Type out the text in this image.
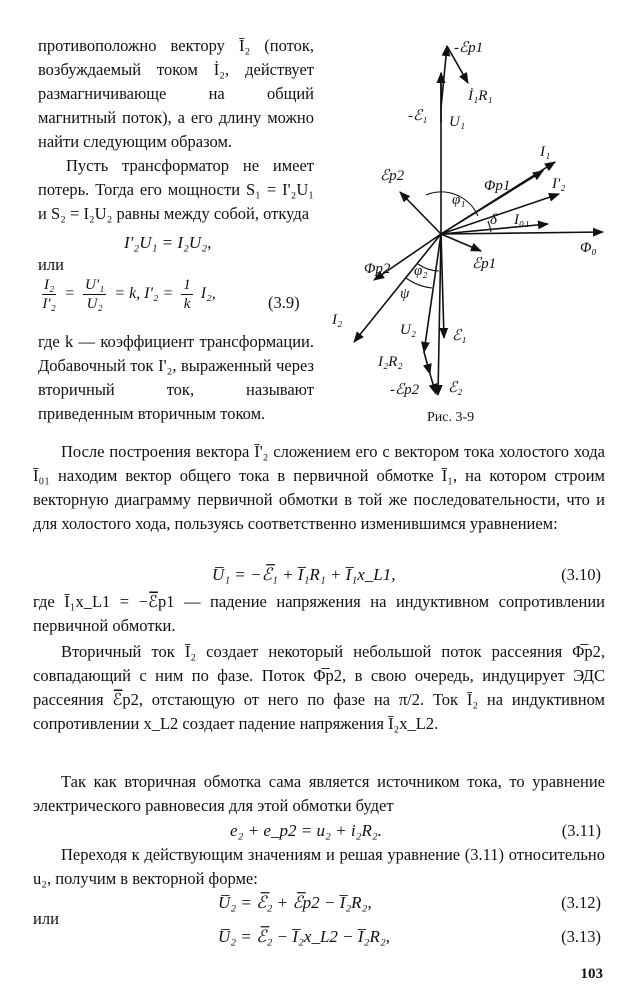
противоположно вектору Ī₂ (поток, возбуждаемый током İ₂, действует размагничивающе на общий магнитный поток), а его длину можно найти следующим образом.

Пусть трансформатор не имеет потерь. Тогда его мощности S₁ = I'₂U₁ и S₂ = I₂U₂ равны между собой, откуда

I'₂U₁ = I₂U₂,
или
$\frac{\text{I₂}}{\text{I'₂}} = \frac{\text{U'₁}}{\text{U₂}} = k$, $I'_2 = \frac{1}{k} I_2$,	(3.9)

где k — коэффициент трансформации. Добавочный ток I'₂, выраженный через вторичный ток, называют приведенным вторичным током.

-ℰp1
İ₁R₁
-ℰ₁ U₁
I₁
ℰp2
Φp1
φ₁
I'₂
δ I₀₁
Φ₀
Φp2 φ₂	ℰp1
ψ
I₂
U₂ ℰ₁
I₂R₂
-ℰp2 ℰ₂
Рис. 3-9

После построения вектора Ī'₂ сложением его с вектором тока холостого хода Ī₀₁ находим вектор общего тока в первичной обмотке Ī₁, на котором строим векторную диаграмму первичной обмотки в той же последовательности, что и для холостого хода, пользуясь соответственно изменившимся уравнением:

U̅₁ = −ℰ̅₁ + I̅₁R₁ + I̅₁x_L1,	(3.10)

где Ī₁x_L1 = −ℰ̅p1 — падение напряжения на индуктивном сопротивлении первичной обмотки.

Вторичный ток Ī₂ создает некоторый небольшой поток рассеяния Φ̅p2, совпадающий с ним по фазе. Поток Φ̅p2, в свою очередь, индуцирует ЭДС рассеяния ℰ̅p2, отстающую от него по фазе на π/2. Ток Ī₂ на индуктивном сопротивлении x_L2 создает падение напряжения Ī₂x_L2.

Так как вторичная обмотка сама является источником тока, то уравнение электрического равновесия для этой обмотки будет

e₂ + e_p2 = u₂ + i₂R₂.	(3.11)

Переходя к действующим значениям и решая уравнение (3.11) относительно u₂, получим в векторной форме:

U̅₂ = ℰ̅₂ + ℰ̅p2 − I̅₂R₂,	(3.12)
или
U̅₂ = ℰ̅₂ − I̅₂x_L2 − I̅₂R₂,	(3.13)
103
